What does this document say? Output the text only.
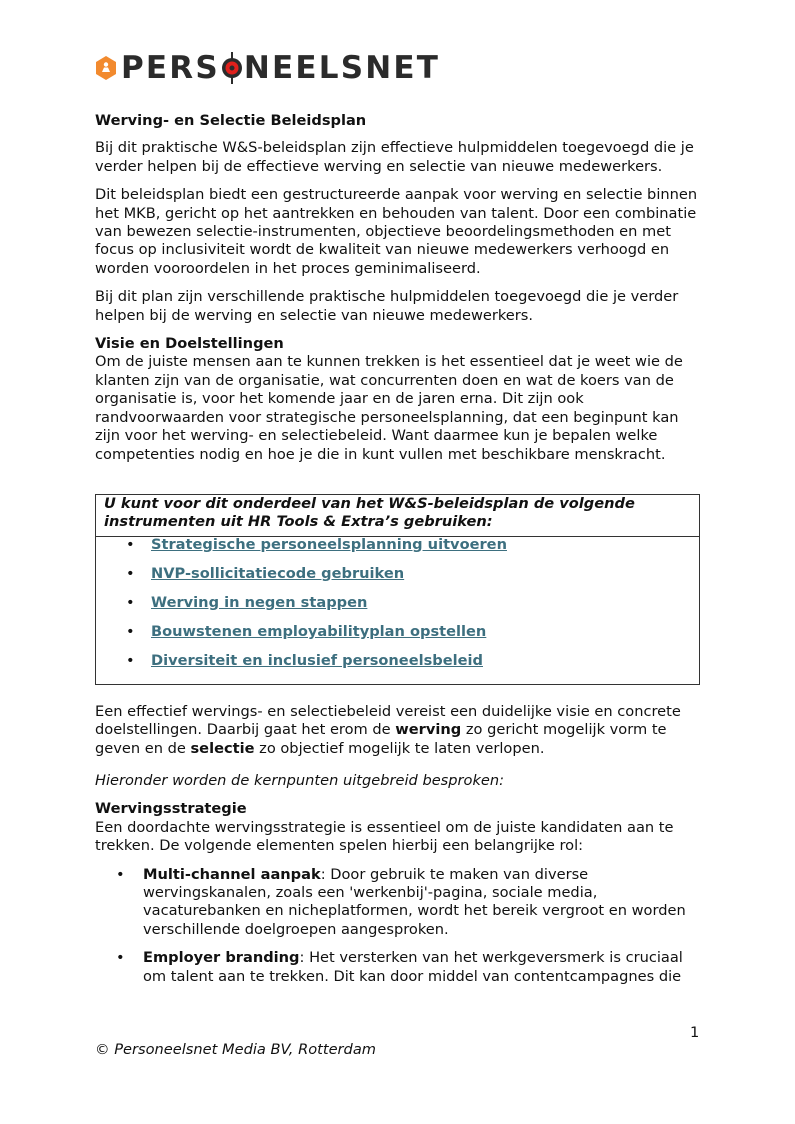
PERS NEELSNET
Werving- en Selectie Beleidsplan

Bij dit praktische W&S-beleidsplan zijn effectieve hulpmiddelen toegevoegd die je verder helpen bij de effectieve werving en selectie van nieuwe medewerkers.

Dit beleidsplan biedt een gestructureerde aanpak voor werving en selectie binnen het MKB, gericht op het aantrekken en behouden van talent. Door een combinatie van bewezen selectie-instrumenten, objectieve beoordelingsmethoden en met focus op inclusiviteit wordt de kwaliteit van nieuwe medewerkers verhoogd en worden vooroordelen in het proces geminimaliseerd.

Bij dit plan zijn verschillende praktische hulpmiddelen toegevoegd die je verder helpen bij de werving en selectie van nieuwe medewerkers.

Visie en Doelstellingen

Om de juiste mensen aan te kunnen trekken is het essentieel dat je weet wie de klanten zijn van de organisatie, wat concurrenten doen en wat de koers van de organisatie is, voor het komende jaar en de jaren erna. Dit zijn ook randvoorwaarden voor strategische personeelsplanning, dat een beginpunt kan zijn voor het werving- en selectiebeleid. Want daarmee kun je bepalen welke competenties nodig en hoe je die in kunt vullen met beschikbare menskracht.

U kunt voor dit onderdeel van het W&S-beleidsplan de volgende instrumenten uit HR Tools & Extra’s gebruiken:
• Strategische personeelsplanning uitvoeren
• NVP-sollicitatiecode gebruiken
• Werving in negen stappen
• Bouwstenen employabilityplan opstellen
• Diversiteit en inclusief personeelsbeleid

Een effectief wervings- en selectiebeleid vereist een duidelijke visie en concrete doelstellingen. Daarbij gaat het erom de werving zo gericht mogelijk vorm te geven en de selectie zo objectief mogelijk te laten verlopen.

Hieronder worden de kernpunten uitgebreid besproken:
Wervingsstrategie
Een doordachte wervingsstrategie is essentieel om de juiste kandidaten aan te trekken. De volgende elementen spelen hierbij een belangrijke rol:
• Multi-channel aanpak: Door gebruik te maken van diverse wervingskanalen, zoals een 'werkenbij'-pagina, sociale media, vacaturebanken en nicheplatformen, wordt het bereik vergroot en worden verschillende doelgroepen aangesproken.
• Employer branding: Het versterken van het werkgeversmerk is cruciaal om talent aan te trekken. Dit kan door middel van contentcampagnes die
1
© Personeelsnet Media BV, Rotterdam
